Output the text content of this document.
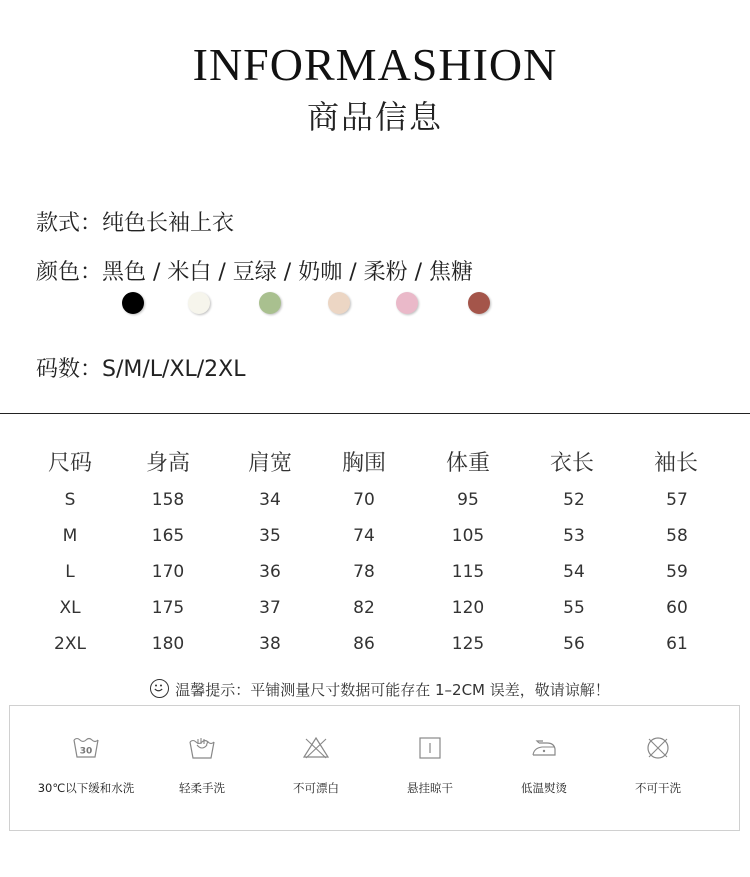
INFORMASHION
商品信息
款式：纯色长袖上衣
颜色：黑色 / 米白 / 豆绿 / 奶咖 / 柔粉 / 焦糖
码数：S/M/L/XL/2XL
尺码	身高	肩宽	胸围	体重	衣长	袖长
S	158	34	70	95	52	57
M	165	35	74	105	53	58
L	170	36	78	115	54	59
XL	175	37	82	120	55	60
2XL	180	38	86	125	56	61
温馨提示：平铺测量尺寸数据可能存在 1–2CM 误差，敬请谅解！
30
30℃以下缓和水洗	轻柔手洗	不可漂白	悬挂晾干	低温熨烫	不可干洗
